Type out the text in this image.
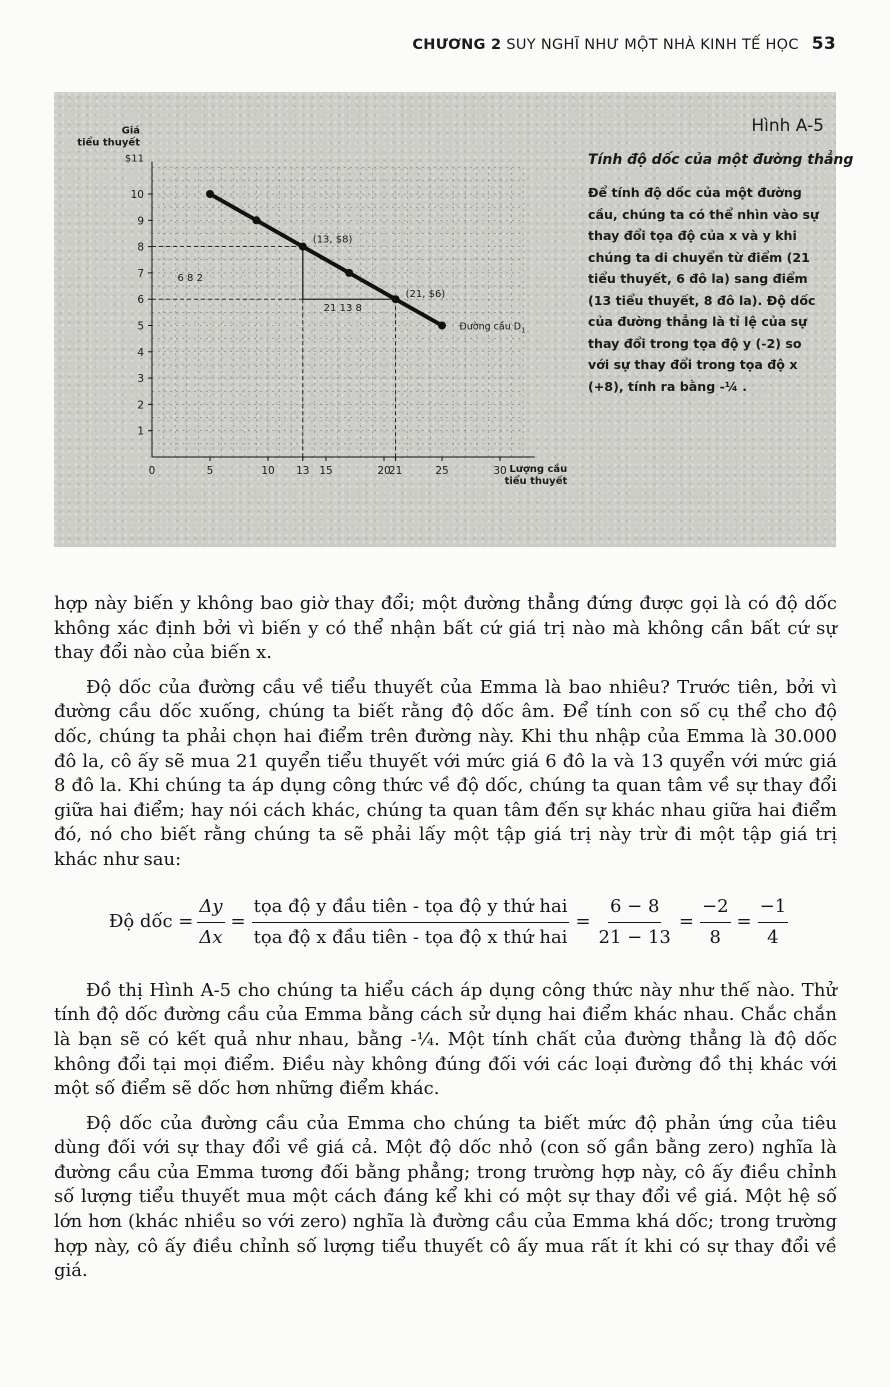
CHƯƠNG 2 SUY NGHĨ NHƯ MỘT NHÀ KINH TẾ HỌC 53
1
2
3
4
5
6
7
8
9
10
0	5	10 13 15	20
21	25	30
Giá
tiểu thuyết
$11
Lượng cầu
tiểu thuyết
(13, $8)
(21, $6)
6 8 2
21 13 8
Đường cầu $D_1$
Hình A-5
Tính độ dốc của một đường thẳng
Để tính độ dốc của một đường cầu, chúng ta có thể nhìn vào sự thay đổi tọa độ của x và y khi chúng ta di chuyển từ điểm (21 tiểu thuyết, 6 đô la) sang điểm (13 tiểu thuyết, 8 đô la). Độ dốc của đường thẳng là tỉ lệ của sự thay đổi trong tọa độ y (-2) so với sự thay đổi trong tọa độ x (+8), tính ra bằng -¼ .

hợp này biến y không bao giờ thay đổi; một đường thẳng đứng được gọi là có độ dốc không xác định bởi vì biến y có thể nhận bất cứ giá trị nào mà không cần bất cứ sự thay đổi nào của biến x.

Độ dốc của đường cầu về tiểu thuyết của Emma là bao nhiêu? Trước tiên, bởi vì đường cầu dốc xuống, chúng ta biết rằng độ dốc âm. Để tính con số cụ thể cho độ dốc, chúng ta phải chọn hai điểm trên đường này. Khi thu nhập của Emma là 30.000 đô la, cô ấy sẽ mua 21 quyển tiểu thuyết với mức giá 6 đô la và 13 quyển với mức giá 8 đô la. Khi chúng ta áp dụng công thức về độ dốc, chúng ta quan tâm về sự thay đổi giữa hai điểm; hay nói cách khác, chúng ta quan tâm đến sự khác nhau giữa hai điểm đó, nó cho biết rằng chúng ta sẽ phải lấy một tập giá trị này trừ đi một tập giá trị khác như sau:

Độ dốc = $\frac{\Delta y}{\Delta x} = \frac{\text{tọa độ y đầu tiên - tọa độ y thứ hai}}{\text{tọa độ x đầu tiên - tọa độ x thứ hai}} = \frac{6 - 8}{21 - 13} = \frac{-2}{8} = \frac{-1}{4}$

Đồ thị Hình A-5 cho chúng ta hiểu cách áp dụng công thức này như thế nào. Thử tính độ dốc đường cầu của Emma bằng cách sử dụng hai điểm khác nhau. Chắc chắn là bạn sẽ có kết quả như nhau, bằng -¼. Một tính chất của đường thẳng là độ dốc không đổi tại mọi điểm. Điều này không đúng đối với các loại đường đồ thị khác với một số điểm sẽ dốc hơn những điểm khác.

Độ dốc của đường cầu của Emma cho chúng ta biết mức độ phản ứng của tiêu dùng đối với sự thay đổi về giá cả. Một độ dốc nhỏ (con số gần bằng zero) nghĩa là đường cầu của Emma tương đối bằng phẳng; trong trường hợp này, cô ấy điều chỉnh số lượng tiểu thuyết mua một cách đáng kể khi có một sự thay đổi về giá. Một hệ số lớn hơn (khác nhiều so với zero) nghĩa là đường cầu của Emma khá dốc; trong trường hợp này, cô ấy điều chỉnh số lượng tiểu thuyết cô ấy mua rất ít khi có sự thay đổi về giá.
